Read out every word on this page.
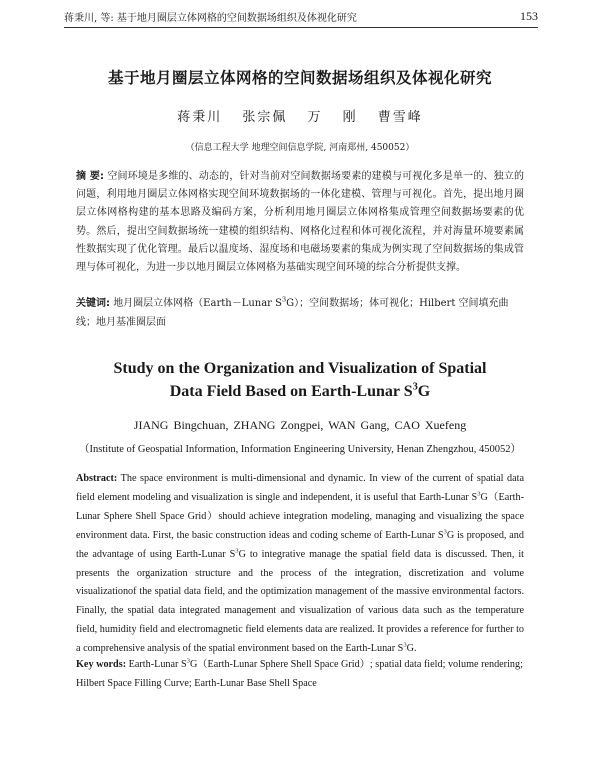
蒋秉川, 等: 基于地月圈层立体网格的空间数据场组织及体视化研究	153
基于地月圈层立体网格的空间数据场组织及体视化研究
蒋秉川 张宗佩 万 刚 曹雪峰
（信息工程大学 地理空间信息学院, 河南郑州, 450052）
摘 要: 空间环境是多维的、动态的，针对当前对空间数据场要素的建模与可视化多是单一的、独立的问题，利用地月圈层立体网格实现空间环境数据场的一体化建模、管理与可视化。首先，提出地月圈层立体网格构建的基本思路及编码方案，分析利用地月圈层立体网格集成管理空间数据场要素的优势。然后，提出空间数据场统一建模的组织结构、网格化过程和体可视化流程，并对海量环境要素属性数据实现了优化管理。最后以温度场、湿度场和电磁场要素的集成为例实现了空间数据场的集成管理与体可视化，为进一步以地月圈层立体网格为基础实现空间环境的综合分析提供支撑。
关键词: 地月圈层立体网格（Earth－Lunar $S^3G$）；空间数据场；体可视化；Hilbert 空间填充曲线；地月基准圈层面
Study on the Organization and Visualization of Spatial
Data Field Based on Earth-Lunar $S^3G$
JIANG Bingchuan, ZHANG Zongpei, WAN Gang, CAO Xuefeng
（Institute of Geospatial Information, Information Engineering University, Henan Zhengzhou, 450052）
Abstract: The space environment is multi-dimensional and dynamic. In view of the current of spatial data field element modeling and visualization is single and independent, it is useful that Earth-Lunar $S^3G(Earth$-Lunar Sphere Shell Space Grid）should achieve integration modeling, managing and visualizing the space environment data. First, the basic construction ideas and coding scheme of Earth-Lunar $S^3G$ is proposed, and the advantage of using Earth-Lunar $S^3G$ to integrative manage the spatial field data is discussed. Then, it presents the organization structure and the process of the integration, discretization and volume visualizationof the spatial data field, and the optimization management of the massive environmental factors. Finally, the spatial data integrated management and visualization of various data such as the temperature field, humidity field and electromagnetic field elements data are realized. It provides a reference for further to a comprehensive analysis of the spatial environment based on the Earth-Lunar $S^3G$.
Key words: Earth-Lunar $S^3G(Earth$-Lunar Sphere Shell Space Grid）; spatial data field; volume rendering; Hilbert Space Filling Curve; Earth-Lunar Base Shell Space
